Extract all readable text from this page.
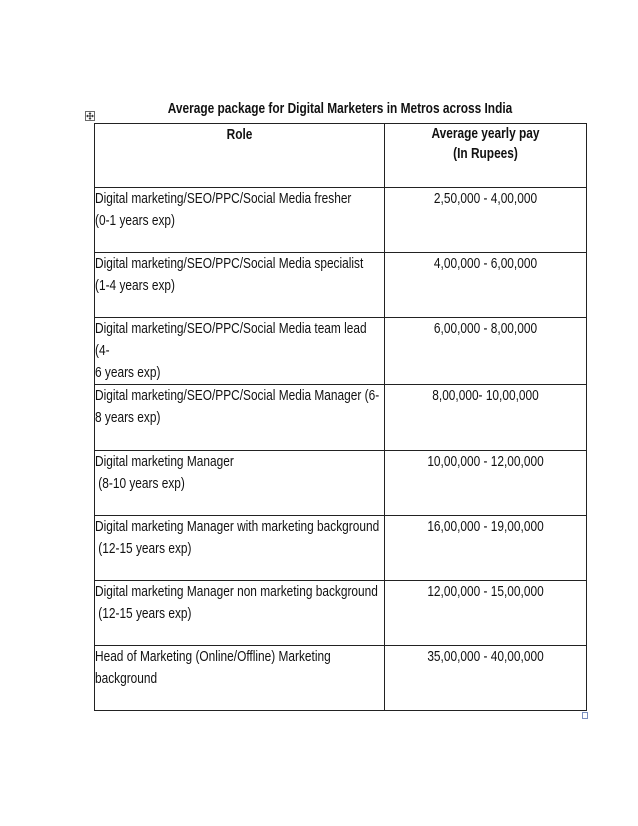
Average package for Digital Marketers in Metros across India
Role	Average yearly pay
(In Rupees)

Digital marketing/SEO/PPC/Social Media fresher
(0-1 years exp)	2,50,000 - 4,00,000

Digital marketing/SEO/PPC/Social Media specialist
(1-4 years exp)	4,00,000 - 6,00,000

Digital marketing/SEO/PPC/Social Media team lead (4-
6 years exp)	6,00,000 - 8,00,000

Digital marketing/SEO/PPC/Social Media Manager (6-
8 years exp)	8,00,000- 10,00,000

Digital marketing Manager
(8-10 years exp)	10,00,000 - 12,00,000

Digital marketing Manager with marketing background
(12-15 years exp)	16,00,000 - 19,00,000

Digital marketing Manager non marketing background
(12-15 years exp)	12,00,000 - 15,00,000

Head of Marketing (Online/Offline) Marketing
background	35,00,000 - 40,00,000
